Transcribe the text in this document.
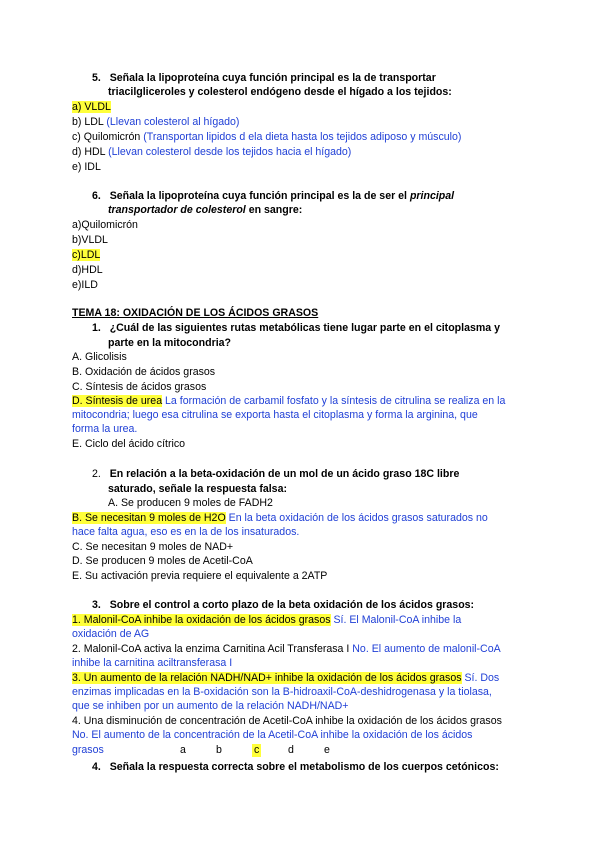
5. Señala la lipoproteína cuya función principal es la de transportar
triacilgliceroles y colesterol endógeno desde el hígado a los tejidos:
a) VLDL
b) LDL (Llevan colesterol al hígado)
c) Quilomicrón (Transportan lipidos d ela dieta hasta los tejidos adiposo y músculo)
d) HDL (Llevan colesterol desde los tejidos hacia el hígado)
e) IDL
6. Señala la lipoproteína cuya función principal es la de ser el principal
transportador de colesterol en sangre:
a)Quilomicrón
b)VLDL
c)LDL
d)HDL
e)ILD
TEMA 18: OXIDACIÓN DE LOS ÁCIDOS GRASOS
1. ¿Cuál de las siguientes rutas metabólicas tiene lugar parte en el citoplasma y
parte en la mitocondria?
A. Glicolisis
B. Oxidación de ácidos grasos
C. Síntesis de ácidos grasos
D. Síntesis de urea La formación de carbamil fosfato y la síntesis de citrulina se realiza en la
mitocondria; luego esa citrulina se exporta hasta el citoplasma y forma la arginina, que
forma la urea.
E. Ciclo del ácido cítrico
2. En relación a la beta-oxidación de un mol de un ácido graso 18C libre
saturado, señale la respuesta falsa:
A. Se producen 9 moles de FADH2
B. Se necesitan 9 moles de H2O En la beta oxidación de los ácidos grasos saturados no
hace falta agua, eso es en la de los insaturados.
C. Se necesitan 9 moles de NAD+
D. Se producen 9 moles de Acetil-CoA
E. Su activación previa requiere el equivalente a 2ATP
3. Sobre el control a corto plazo de la beta oxidación de los ácidos grasos:
1. Malonil-CoA inhibe la oxidación de los ácidos grasos Sí. El Malonil-CoA inhibe la
oxidación de AG
2. Malonil-CoA activa la enzima Carnitina Acil Transferasa I No. El aumento de malonil-CoA
inhibe la carnitina aciltransferasa I
3. Un aumento de la relación NADH/NAD+ inhibe la oxidación de los ácidos grasos Sí. Dos
enzimas implicadas en la B-oxidación son la B-hidroaxil-CoA-deshidrogenasa y la tiolasa,
que se inhiben por un aumento de la relación NADH/NAD+
4. Una disminución de concentración de Acetil-CoA inhibe la oxidación de los ácidos grasos
No. El aumento de la concentración de la Acetil-CoA inhibe la oxidación de los ácidos
grasos	a	b	c	d	e
4. Señala la respuesta correcta sobre el metabolismo de los cuerpos cetónicos:
